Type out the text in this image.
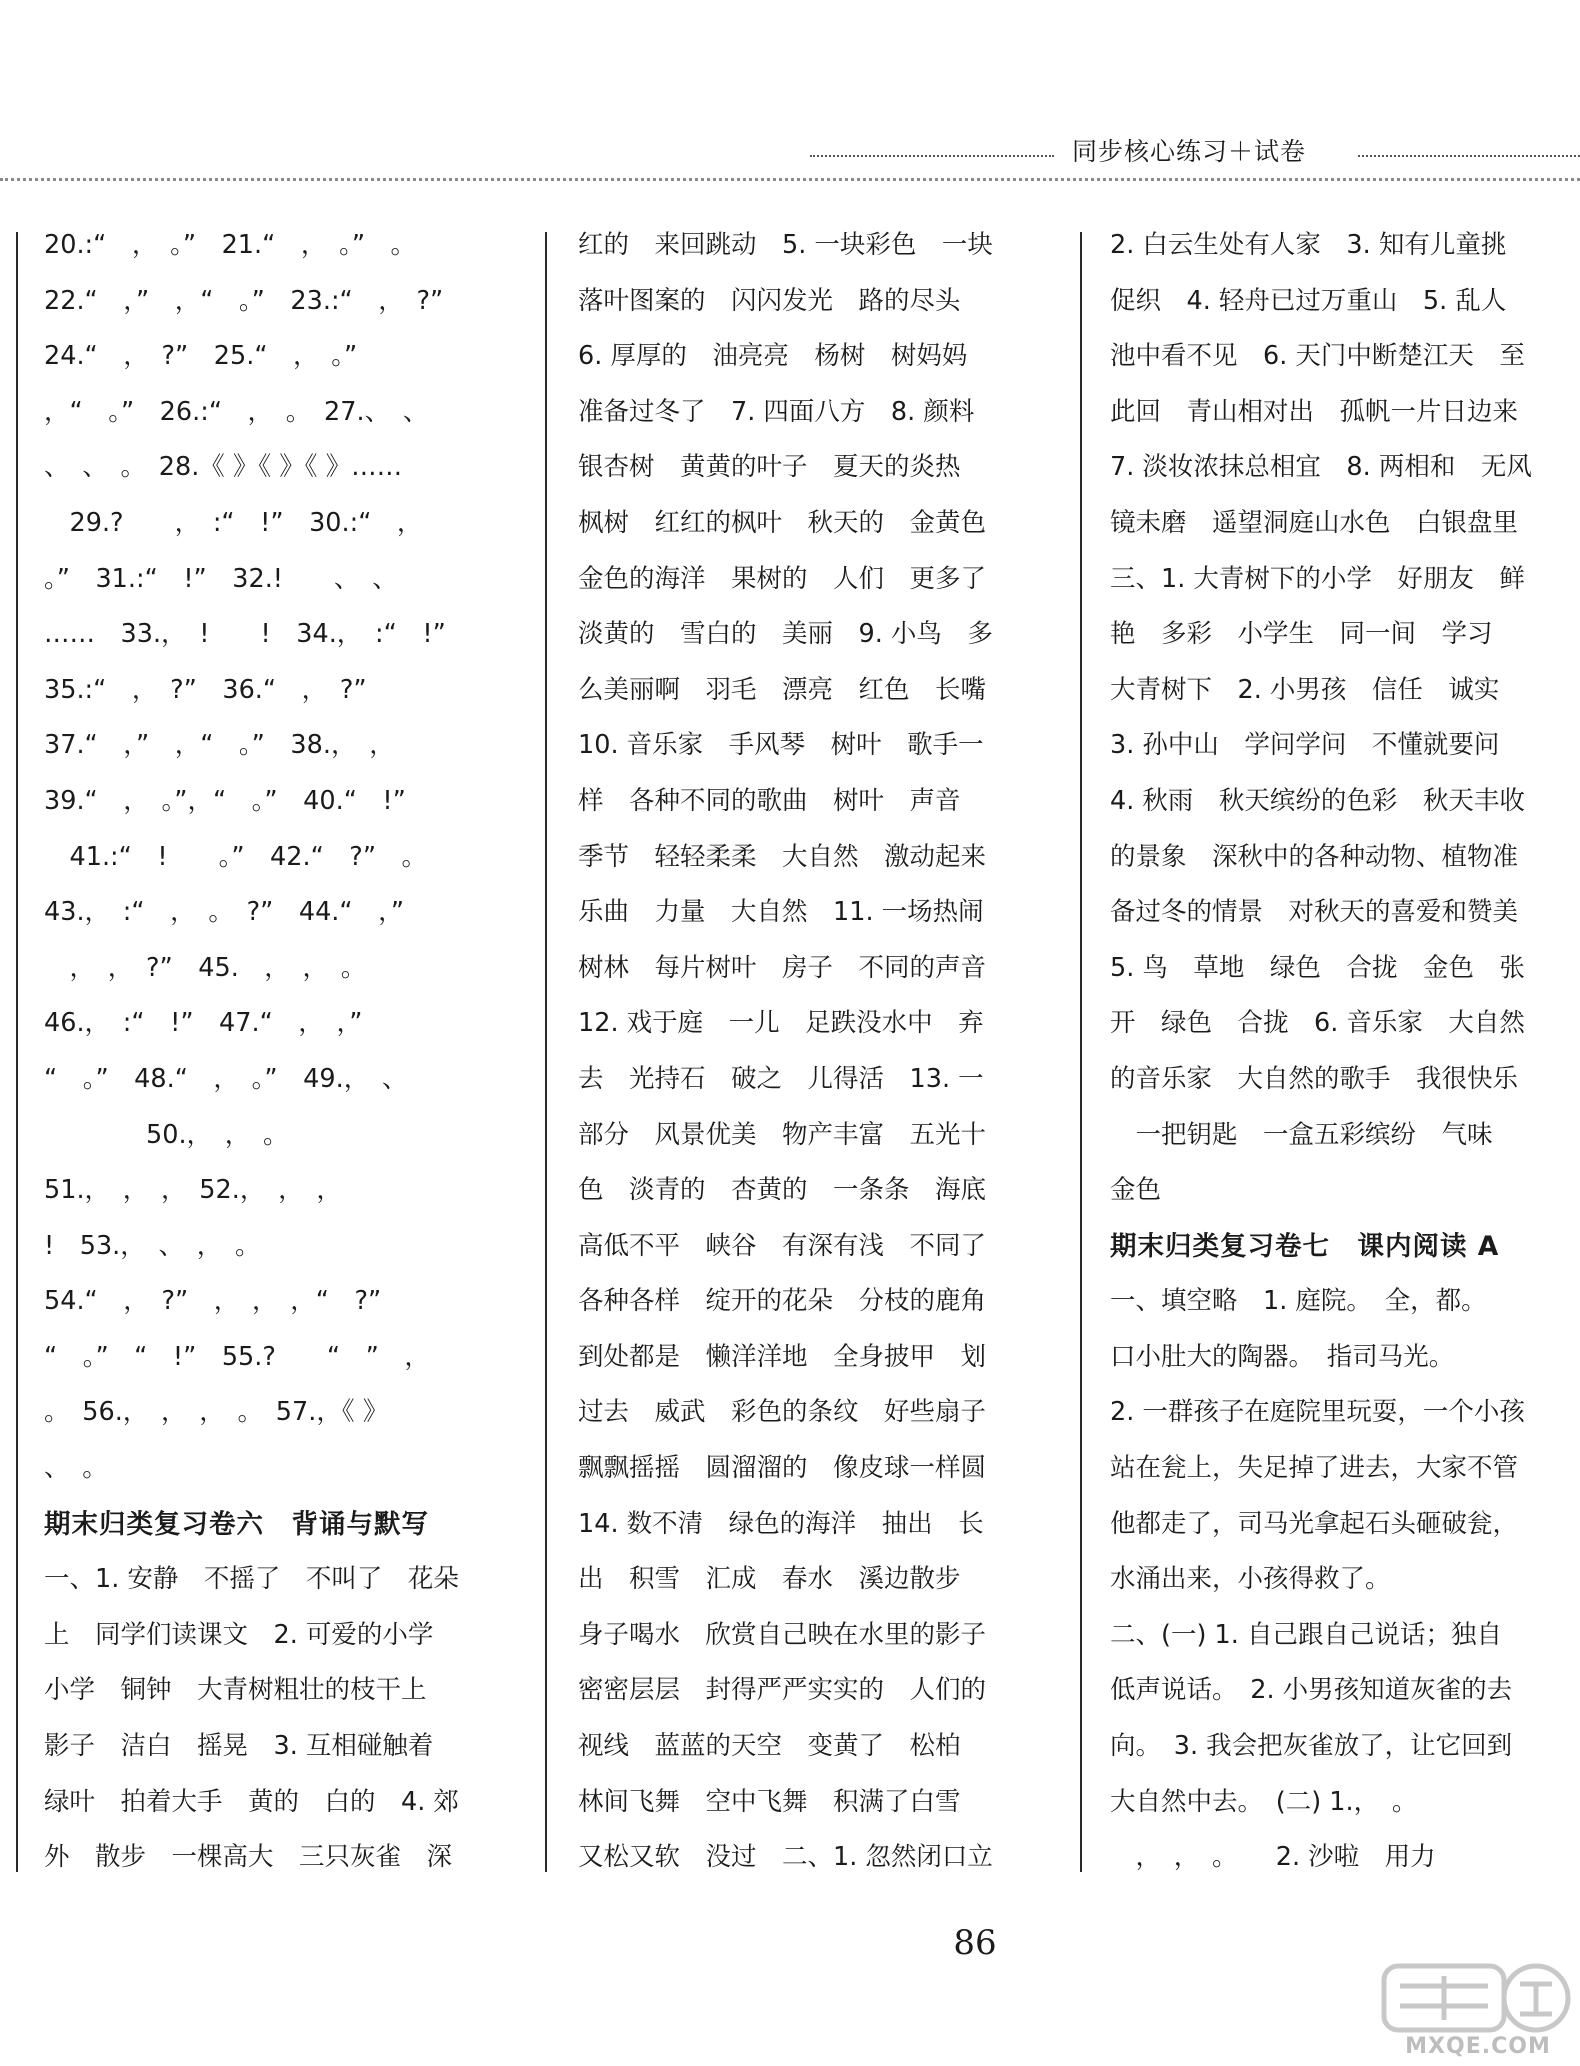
同步核心练习＋试卷
20.:“　，　。”　21.“　，　。”　。
22.“　，”　，“　。”　23.:“　，　?”
24.“　，　?”　25.“　，　。”
，“　。”　26.:“　，　。　27.、　、
、　、　。　28.《 》《 》《 》……
　29.?　　，　:“　!”　30.:“　，
。”　31.:“　!”　32.!　　、　、
……　33.，　!　　!　34.，　:“　!”
35.:“　，　?”　36.“　，　?”
37.“　，”　，“　。”　38.，　，
39.“　，　。”，“　。”　40.“　!”
　41.:“　!　　。”　42.“　?”　。
43.，　:“　，　。　?”　44.“　，”
　，　，　?”　45.　，　，　。
46.，　:“　!”　47.“　，　，”
“　。”　48.“　，　。”　49.，　、
　　　　50.，　，　。
51.，　，　，　52.，　，　，
!　53.，　、　，　。
54.“　，　?”　，　，　，“　?”
“　。”　“　!”　55.?　　“　”　，
。　56.，　，　，　。　57.，《 》
、　。
期末归类复习卷六　背诵与默写
一、1. 安静　不摇了　不叫了　花朵
上　同学们读课文　2. 可爱的小学
小学　铜钟　大青树粗壮的枝干上
影子　洁白　摇晃　3. 互相碰触着
绿叶　拍着大手　黄的　白的　4. 郊
外　散步　一棵高大　三只灰雀　深
红的　来回跳动　5. 一块彩色　一块
落叶图案的　闪闪发光　路的尽头
6. 厚厚的　油亮亮　杨树　树妈妈
准备过冬了　7. 四面八方　8. 颜料
银杏树　黄黄的叶子　夏天的炎热
枫树　红红的枫叶　秋天的　金黄色
金色的海洋　果树的　人们　更多了
淡黄的　雪白的　美丽　9. 小鸟　多
么美丽啊　羽毛　漂亮　红色　长嘴
10. 音乐家　手风琴　树叶　歌手一
样　各种不同的歌曲　树叶　声音
季节　轻轻柔柔　大自然　激动起来
乐曲　力量　大自然　11. 一场热闹
树林　每片树叶　房子　不同的声音
12. 戏于庭　一儿　足跌没水中　弃
去　光持石　破之　儿得活　13. 一
部分　风景优美　物产丰富　五光十
色　淡青的　杏黄的　一条条　海底
高低不平　峡谷　有深有浅　不同了
各种各样　绽开的花朵　分枝的鹿角
到处都是　懒洋洋地　全身披甲　划
过去　威武　彩色的条纹　好些扇子
飘飘摇摇　圆溜溜的　像皮球一样圆
14. 数不清　绿色的海洋　抽出　长
出　积雪　汇成　春水　溪边散步
身子喝水　欣赏自己映在水里的影子
密密层层　封得严严实实的　人们的
视线　蓝蓝的天空　变黄了　松柏
林间飞舞　空中飞舞　积满了白雪
又松又软　没过　二、1. 忽然闭口立
2. 白云生处有人家　3. 知有儿童挑
促织　4. 轻舟已过万重山　5. 乱人
池中看不见　6. 天门中断楚江天　至
此回　青山相对出　孤帆一片日边来
7. 淡妆浓抹总相宜　8. 两相和　无风
镜未磨　遥望洞庭山水色　白银盘里
三、1. 大青树下的小学　好朋友　鲜
艳　多彩　小学生　同一间　学习
大青树下　2. 小男孩　信任　诚实
3. 孙中山　学问学问　不懂就要问
4. 秋雨　秋天缤纷的色彩　秋天丰收
的景象　深秋中的各种动物、植物准
备过冬的情景　对秋天的喜爱和赞美
5. 鸟　草地　绿色　合拢　金色　张
开　绿色　合拢　6. 音乐家　大自然
的音乐家　大自然的歌手　我很快乐
　一把钥匙　一盒五彩缤纷　气味
金色
期末归类复习卷七　课内阅读 A
一、填空略　1. 庭院。　全，都。
口小肚大的陶器。　指司马光。
2. 一群孩子在庭院里玩耍，一个小孩
站在瓮上，失足掉了进去，大家不管
他都走了，司马光拿起石头砸破瓮，
水涌出来，小孩得救了。
二、(一) 1. 自己跟自己说话；独自
低声说话。　2. 小男孩知道灰雀的去
向。　3. 我会把灰雀放了，让它回到
大自然中去。　(二) 1.，　。
　，　，　。　　2. 沙啦　用力
86
MXQE.COM
